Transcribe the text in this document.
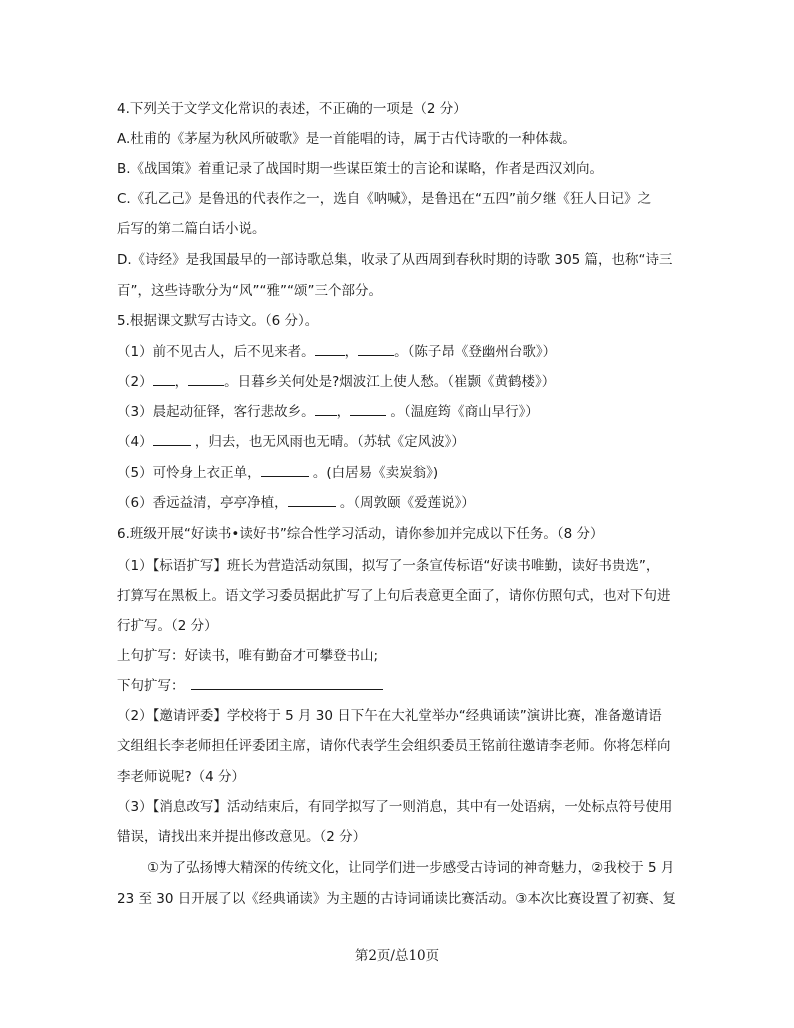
4.下列关于文学文化常识的表述，不正确的一项是（2 分）
A.杜甫的《茅屋为秋风所破歌》是一首能唱的诗，属于古代诗歌的一种体裁。
B.《战国策》着重记录了战国时期一些谋臣策士的言论和谋略，作者是西汉刘向。
C.《孔乙己》是鲁迅的代表作之一，选自《呐喊》，是鲁迅在“五四”前夕继《狂人日记》之
后写的第二篇白话小说。
D.《诗经》是我国最早的一部诗歌总集，收录了从西周到春秋时期的诗歌 305 篇，也称“诗三
百”，这些诗歌分为“风”“雅”“颂”三个部分。
5.根据课文默写古诗文。（6 分）。
（1）前不见古人，后不见来者。 ，	。（陈子昂《登幽州台歌》）
（2） ，	。日暮乡关何处是?烟波江上使人愁。（崔颢《黄鹤楼》）
（3）晨起动征铎，客行悲故乡。 ，	。（温庭筠《商山早行》）
（4）	，归去，也无风雨也无晴。（苏轼《定风波》）
（5）可怜身上衣正单，	。(白居易《卖炭翁》)
（6）香远益清，亭亭净植，	。（周敦颐《爱莲说》）
6.班级开展“好读书•读好书”综合性学习活动，请你参加并完成以下任务。（8 分）
（1）【标语扩写】班长为营造活动氛围，拟写了一条宣传标语“好读书唯勤，读好书贵选”，
打算写在黑板上。语文学习委员据此扩写了上句后表意更全面了，请你仿照句式，也对下句进
行扩写。（2 分）
上句扩写：好读书，唯有勤奋才可攀登书山;
下句扩写：
（2）【邀请评委】学校将于 5 月 30 日下午在大礼堂举办“经典诵读”演讲比赛，准备邀请语
文组组长李老师担任评委团主席，请你代表学生会组织委员王铭前往邀请李老师。你将怎样向
李老师说呢?（4 分）
（3）【消息改写】活动结束后，有同学拟写了一则消息，其中有一处语病，一处标点符号使用
错误，请找出来并提出修改意见。（2 分）
①为了弘扬博大精深的传统文化，让同学们进一步感受古诗词的神奇魅力，②我校于 5 月
23 至 30 日开展了以《经典诵读》为主题的古诗词诵读比赛活动。③本次比赛设置了初赛、复
第2页/总10页
